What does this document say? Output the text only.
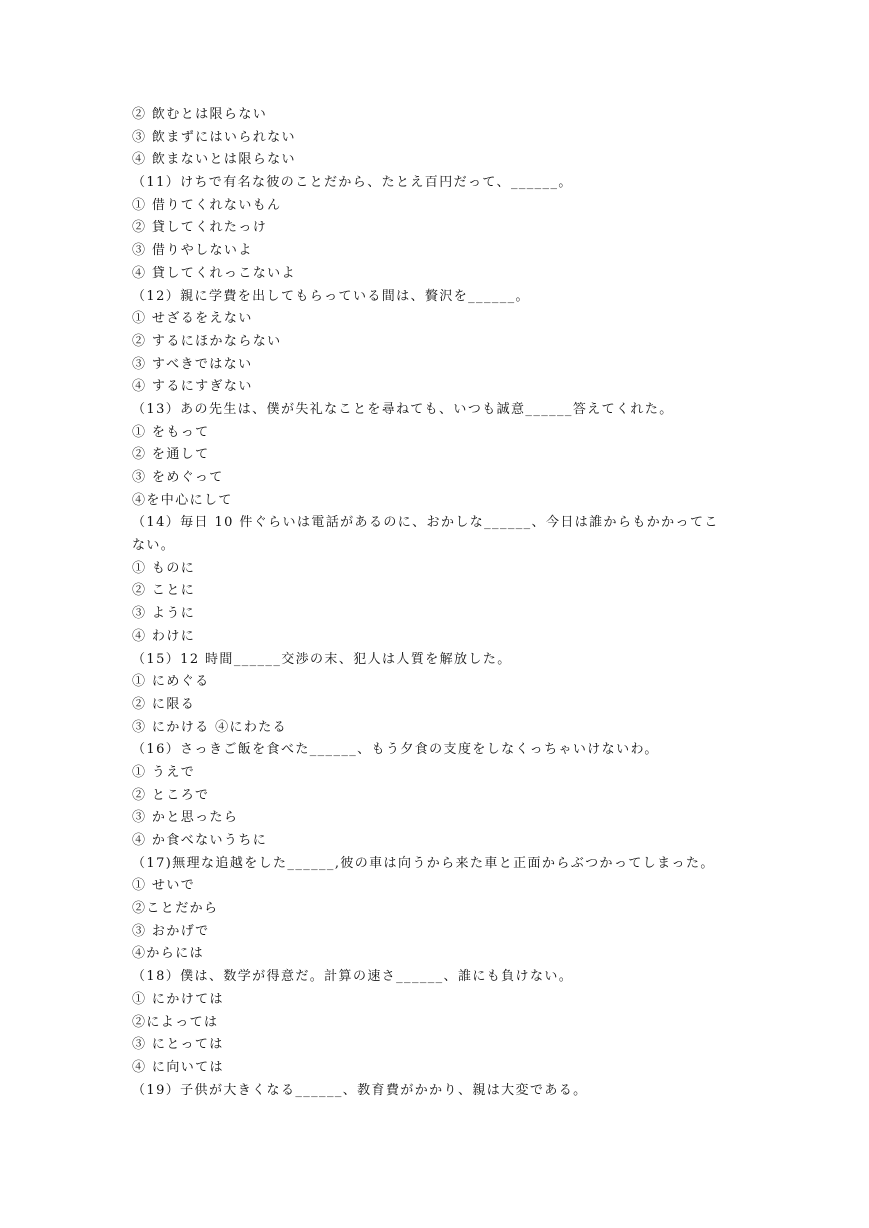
② 飲むとは限らない
③ 飲まずにはいられない
④ 飲まないとは限らない
（11）けちで有名な彼のことだから、たとえ百円だって、______。
① 借りてくれないもん
② 貸してくれたっけ
③ 借りやしないよ
④ 貸してくれっこないよ
（12）親に学費を出してもらっている間は、贅沢を______。
① せざるをえない
② するにほかならない
③ すべきではない
④ するにすぎない
（13）あの先生は、僕が失礼なことを尋ねても、いつも誠意______答えてくれた。
① をもって
② を通して
③ をめぐって
④を中心にして
（14）毎日 10 件ぐらいは電話があるのに、おかしな______、今日は誰からもかかってこ
ない。
① ものに
② ことに
③ ように
④ わけに
（15）12 時間______交渉の末、犯人は人質を解放した。
① にめぐる
② に限る
③ にかける ④にわたる
（16）さっきご飯を食べた______、もう夕食の支度をしなくっちゃいけないわ。
① うえで
② ところで
③ かと思ったら
④ か食べないうちに
（17)無理な追越をした______,彼の車は向うから来た車と正面からぶつかってしまった。
① せいで
②ことだから
③ おかげで
④からには
（18）僕は、数学が得意だ。計算の速さ______、誰にも負けない。
① にかけては
②によっては
③ にとっては
④ に向いては
（19）子供が大きくなる______、教育費がかかり、親は大変である。
